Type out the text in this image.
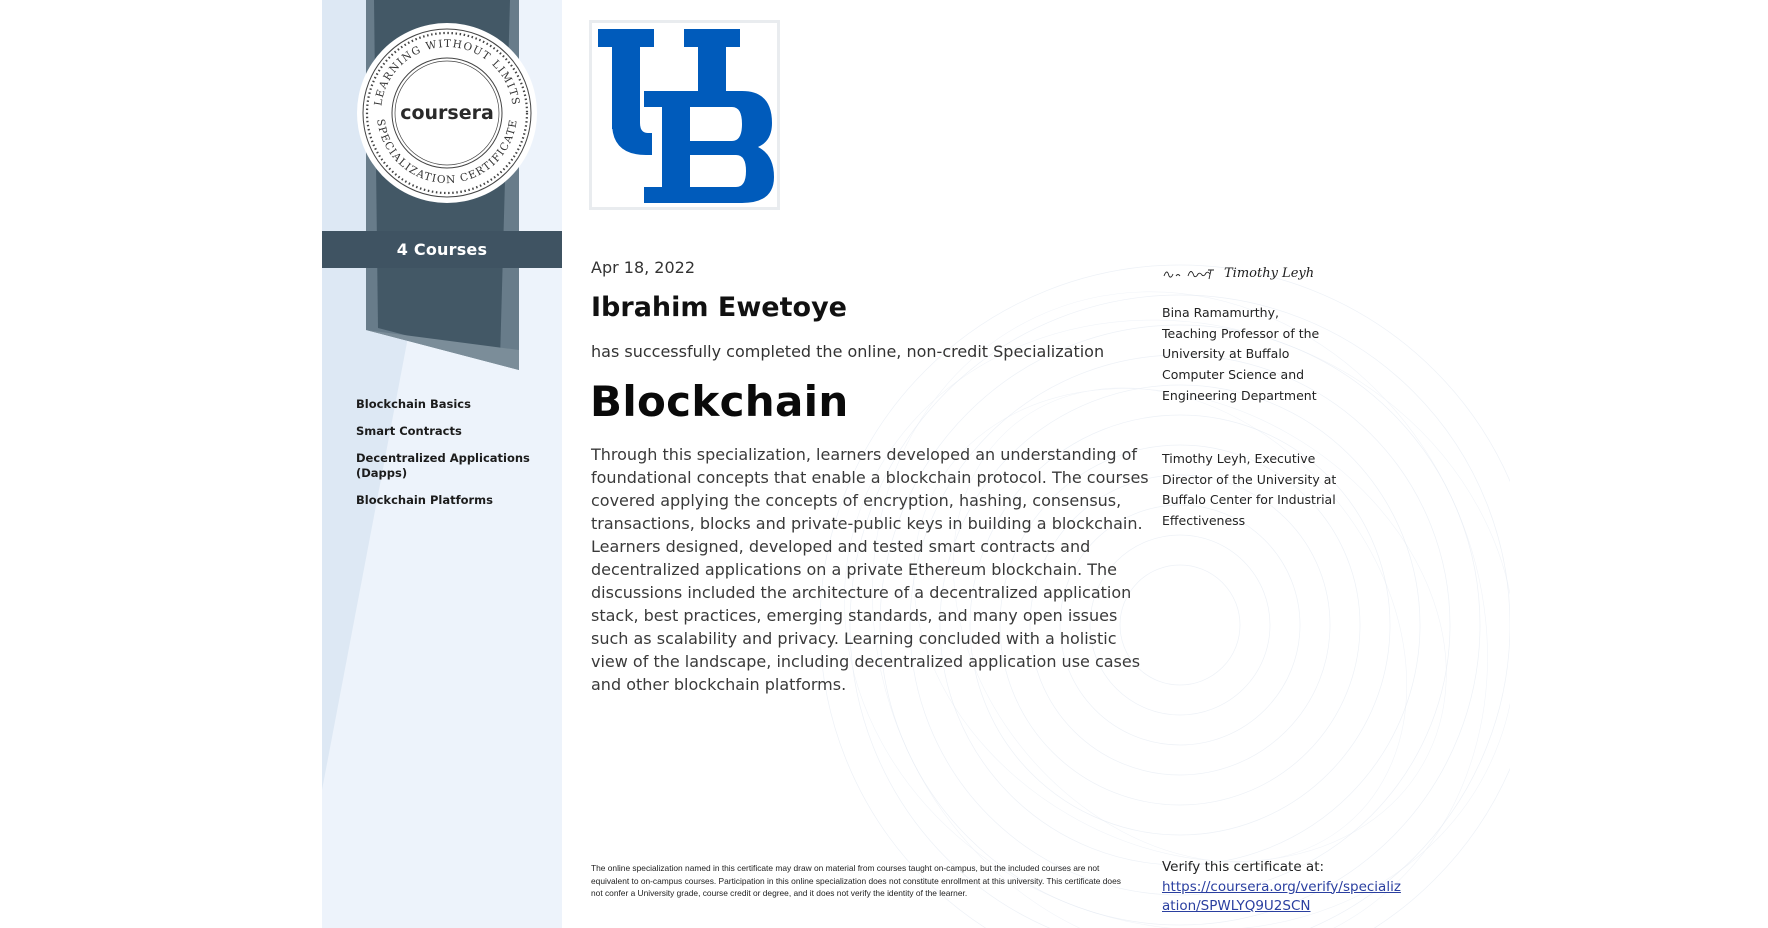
LEARNING WITHOUT LIMITS
SPECIALIZATION CERTIFICATE
coursera
4 Courses
Blockchain Basics
Smart Contracts
Decentralized Applications (Dapps)
Blockchain Platforms
Apr 18, 2022
Ibrahim Ewetoye
has successfully completed the online, non-credit Specialization
Blockchain

Through this specialization, learners developed an understanding of foundational concepts that enable a blockchain protocol. The courses covered applying the concepts of encryption, hashing, consensus, transactions, blocks and private-public keys in building a blockchain. Learners designed, developed and tested smart contracts and decentralized applications on a private Ethereum blockchain. The discussions included the architecture of a decentralized application stack, best practices, emerging standards, and many open issues such as scalability and privacy. Learning concluded with a holistic view of the landscape, including decentralized application use cases and other blockchain platforms.

Timothy Leyh

Bina Ramamurthy, Teaching Professor of the University at Buffalo Computer Science and Engineering Department

Timothy Leyh, Executive Director of the University at Buffalo Center for Industrial Effectiveness

The online specialization named in this certificate may draw on material from courses taught on-campus, but the included courses are not equivalent to on-campus courses. Participation in this online specialization does not constitute enrollment at this university. This certificate does not confer a University grade, course credit or degree, and it does not verify the identity of the learner.

Verify this certificate at:
https://coursera.org/verify/specialization/SPWLYQ9U2SCN
